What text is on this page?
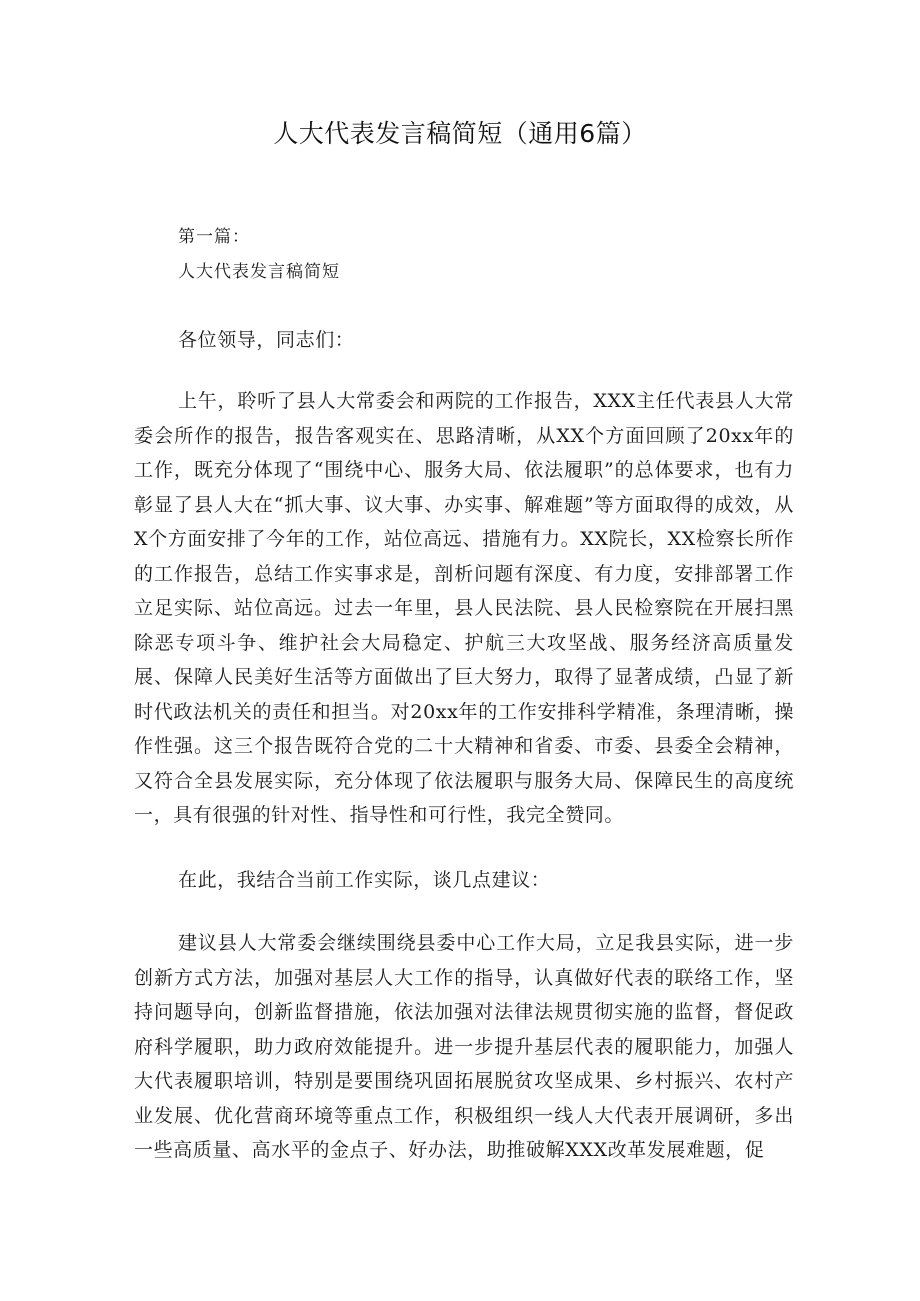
人大代表发言稿简短（通用6篇）
第一篇：
人大代表发言稿简短
各位领导，同志们：

上午，聆听了县人大常委会和两院的工作报告，XXX主任代表县人大常委会所作的报告，报告客观实在、思路清晰，从XX个方面回顾了20xx年的工作，既充分体现了“围绕中心、服务大局、依法履职”的总体要求，也有力彰显了县人大在“抓大事、议大事、办实事、解难题”等方面取得的成效，从X个方面安排了今年的工作，站位高远、措施有力。XX院长，XX检察长所作的工作报告，总结工作实事求是，剖析问题有深度、有力度，安排部署工作立足实际、站位高远。过去一年里，县人民法院、县人民检察院在开展扫黑除恶专项斗争、维护社会大局稳定、护航三大攻坚战、服务经济高质量发展、保障人民美好生活等方面做出了巨大努力，取得了显著成绩，凸显了新时代政法机关的责任和担当。对20xx年的工作安排科学精准，条理清晰，操作性强。这三个报告既符合党的二十大精神和省委、市委、县委全会精神，又符合全县发展实际，充分体现了依法履职与服务大局、保障民生的高度统一，具有很强的针对性、指导性和可行性，我完全赞同。

在此，我结合当前工作实际，谈几点建议：

建议县人大常委会继续围绕县委中心工作大局，立足我县实际，进一步创新方式方法，加强对基层人大工作的指导，认真做好代表的联络工作，坚持问题导向，创新监督措施，依法加强对法律法规贯彻实施的监督，督促政府科学履职，助力政府效能提升。进一步提升基层代表的履职能力，加强人大代表履职培训，特别是要围绕巩固拓展脱贫攻坚成果、乡村振兴、农村产业发展、优化营商环境等重点工作，积极组织一线人大代表开展调研，多出一些高质量、高水平的金点子、好办法，助推破解XXX改革发展难题，促
